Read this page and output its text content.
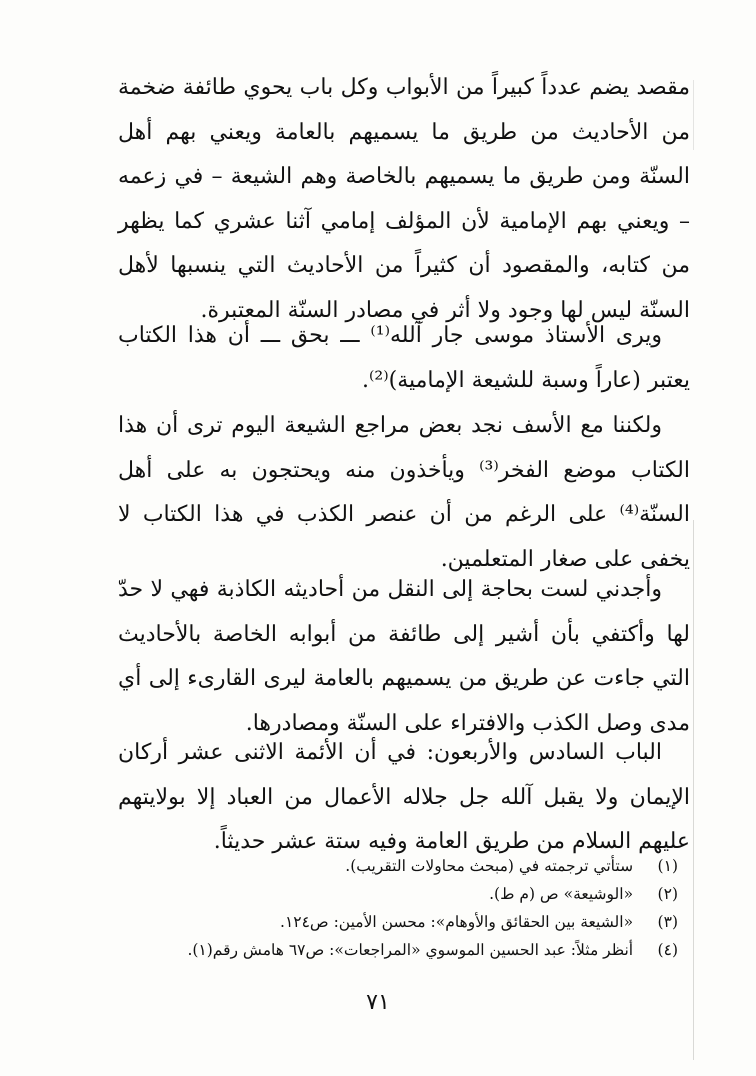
مقصد يضم عدداً كبيراً من الأبواب وكل باب يحوي طائفة ضخمة من الأحاديث من طريق ما يسميهم بالعامة ويعني بهم أهل السنّة ومن طريق ما يسميهم بالخاصة وهم الشيعة – في زعمه – ويعني بهم الإمامية لأن المؤلف إمامي آثنا عشري كما يظهر من كتابه، والمقصود أن كثيراً من الأحاديث التي ينسبها لأهل السنّة ليس لها وجود ولا أثر في مصادر السنّة المعتبرة.

ويرى الأستاذ موسى جار آلله⁽¹⁾ ـــ بحق ـــ أن هذا الكتاب يعتبر (عاراً وسبة للشيعة الإمامية)⁽²⁾.

ولكننا مع الأسف نجد بعض مراجع الشيعة اليوم ترى أن هذا الكتاب موضع الفخر⁽³⁾ ويأخذون منه ويحتجون به على أهل السنّة⁽⁴⁾ على الرغم من أن عنصر الكذب في هذا الكتاب لا يخفى على صغار المتعلمين.

وأجدني لست بحاجة إلى النقل من أحاديثه الكاذبة فهي لا حدّ لها وأكتفي بأن أشير إلى طائفة من أبوابه الخاصة بالأحاديث التي جاءت عن طريق من يسميهم بالعامة ليرى القارىء إلى أي مدى وصل الكذب والافتراء على السنّة ومصادرها.

الباب السادس والأربعون: في أن الأئمة الاثنى عشر أركان الإيمان ولا يقبل آلله جل جلاله الأعمال من العباد إلا بولايتهم عليهم السلام من طريق العامة وفيه ستة عشر حديثاً.

(١) ستأتي ترجمته في (مبحث محاولات التقريب).
(٢) «الوشيعة» ص (م ط).
(٣) «الشيعة بين الحقائق والأوهام»: محسن الأمين: ص١٢٤.
(٤) أنظر مثلاً: عبد الحسين الموسوي «المراجعات»: ص٦٧ هامش رقم(١).
٧١
